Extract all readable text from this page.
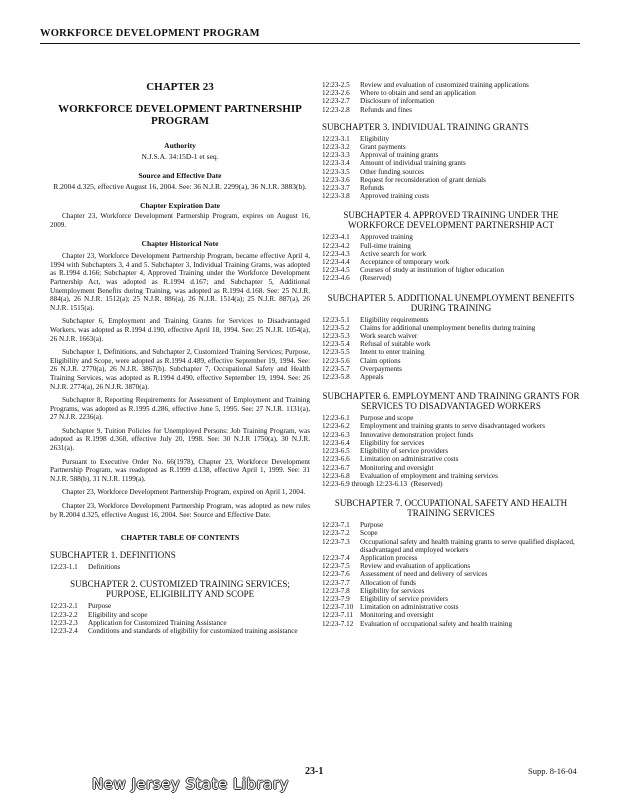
WORKFORCE DEVELOPMENT PROGRAM
CHAPTER 23
WORKFORCE DEVELOPMENT PARTNERSHIP PROGRAM
Authority
N.J.S.A. 34:15D-1 et seq.
Source and Effective Date
R.2004 d.325, effective August 16, 2004. See: 36 N.J.R. 2299(a), 36 N.J.R. 3883(b).
Chapter Expiration Date
Chapter 23, Workforce Development Partnership Program, expires on August 16, 2009.
Chapter Historical Note
Chapter 23, Workforce Development Partnership Program, became effective April 4, 1994 with Subchapters 3, 4 and 5. Subchapter 3, Individual Training Grants, was adopted as R.1994 d.166; Subchapter 4, Approved Training under the Workforce Development Partnership Act, was adopted as R.1994 d.167; and Subchapter 5, Additional Unemployment Benefits during Training, was adopted as R.1994 d.168. See: 25 N.J.R. 884(a), 26 N.J.R. 1512(a); 25 N.J.R. 886(a), 26 N.J.R. 1514(a); 25 N.J.R. 887(a), 26 N.J.R. 1515(a).
Subchapter 6, Employment and Training Grants for Services to Disadvantaged Workers, was adopted as R.1994 d.190, effective April 18, 1994. See: 25 N.J.R. 1054(a), 26 N.J.R. 1663(a).
Subchapter 1, Definitions, and Subchapter 2, Customized Training Services; Purpose, Eligibility and Scope, were adopted as R.1994 d.489, effective September 19, 1994. See: 26 N.J.R. 2770(a), 26 N.J.R. 3867(b). Subchapter 7, Occupational Safety and Health Training Services, was adopted as R.1994 d.490, effective September 19, 1994. See: 26 N.J.R. 2774(a), 26 N.J.R. 3870(a).
Subchapter 8, Reporting Requirements for Assessment of Employment and Training Programs, was adopted as R.1995 d.286, effective June 5, 1995. See: 27 N.J.R. 1131(a), 27 N.J.R. 2236(a).
Subchapter 9, Tuition Policies for Unemployed Persons: Job Training Program, was adopted as R.1998 d.368, effective July 20, 1998. See: 30 N.J.R 1750(a), 30 N.J.R. 2631(a).
Pursuant to Executive Order No. 66(1978), Chapter 23, Workforce Development Partnership Program, was readopted as R.1999 d.138, effective April 1, 1999. See: 31 N.J.R. 588(b), 31 N.J.R. 1199(a).
Chapter 23, Workforce Development Partnership Program, expired on April 1, 2004.
Chapter 23, Workforce Development Partnership Program, was adopted as new rules by R.2004 d.325, effective August 16, 2004. See: Source and Effective Date.
CHAPTER TABLE OF CONTENTS
SUBCHAPTER 1. DEFINITIONS
12:23-1.1	Definitions
SUBCHAPTER 2. CUSTOMIZED TRAINING SERVICES; PURPOSE, ELIGIBILITY AND SCOPE
12:23-2.1	Purpose
12:23-2.2	Eligibility and scope
12:23-2.3	Application for Customized Training Assistance
12:23-2.4	Conditions and standards of eligibility for customized training assistance
12:23-2.5	Review and evaluation of customized training applications
12:23-2.6	Where to obtain and send an application
12:23-2.7	Disclosure of information
12:23-2.8	Refunds and fines
SUBCHAPTER 3. INDIVIDUAL TRAINING GRANTS
12:23-3.1	Eligibility
12:23-3.2	Grant payments
12:23-3.3	Approval of training grants
12:23-3.4	Amount of individual training grants
12:23-3.5	Other funding sources
12:23-3.6	Request for reconsideration of grant denials
12:23-3.7	Refunds
12:23-3.8	Approved training costs
SUBCHAPTER 4. APPROVED TRAINING UNDER THE WORKFORCE DEVELOPMENT PARTNERSHIP ACT
12:23-4.1	Approved training
12:23-4.2	Full-time training
12:23-4.3	Active search for work
12:23-4.4	Acceptance of temporary work
12:23-4.5	Courses of study at institution of higher education
12:23-4.6	(Reserved)
SUBCHAPTER 5. ADDITIONAL UNEMPLOYMENT BENEFITS DURING TRAINING
12:23-5.1	Eligibility requirements
12:23-5.2	Claims for additional unemployment benefits during training
12:23-5.3	Work search waiver
12:23-5.4	Refusal of suitable work
12:23-5.5	Intent to enter training
12:23-5.6	Claim options
12:23-5.7	Overpayments
12:23-5.8	Appeals
SUBCHAPTER 6. EMPLOYMENT AND TRAINING GRANTS FOR SERVICES TO DISADVANTAGED WORKERS
12:23-6.1	Purpose and scope
12:23-6.2	Employment and training grants to serve disadvantaged workers
12:23-6.3	Innovative demonstration project funds
12:23-6.4	Eligibility for services
12:23-6.5	Eligibility of service providers
12:23-6.6	Limitation on administrative costs
12:23-6.7	Monitoring and oversight
12:23-6.8	Evaluation of employment and training services
12:23-6.9 through 12:23-6.13 (Reserved)
SUBCHAPTER 7. OCCUPATIONAL SAFETY AND HEALTH TRAINING SERVICES
12:23-7.1	Purpose
12:23-7.2	Scope
12:23-7.3	Occupational safety and health training grants to serve qualified displaced, disadvantaged and employed workers
12:23-7.4	Application process
12:23-7.5	Review and evaluation of applications
12:23-7.6	Assessment of need and delivery of services
12:23-7.7	Allocation of funds
12:23-7.8	Eligibility for services
12:23-7.9	Eligibility of service providers
12:23-7.10 Limitation on administrative costs
12:23-7.11 Monitoring and oversight
12:23-7.12 Evaluation of occupational safety and health training
23-1	Supp. 8-16-04
New Jersey State Library
